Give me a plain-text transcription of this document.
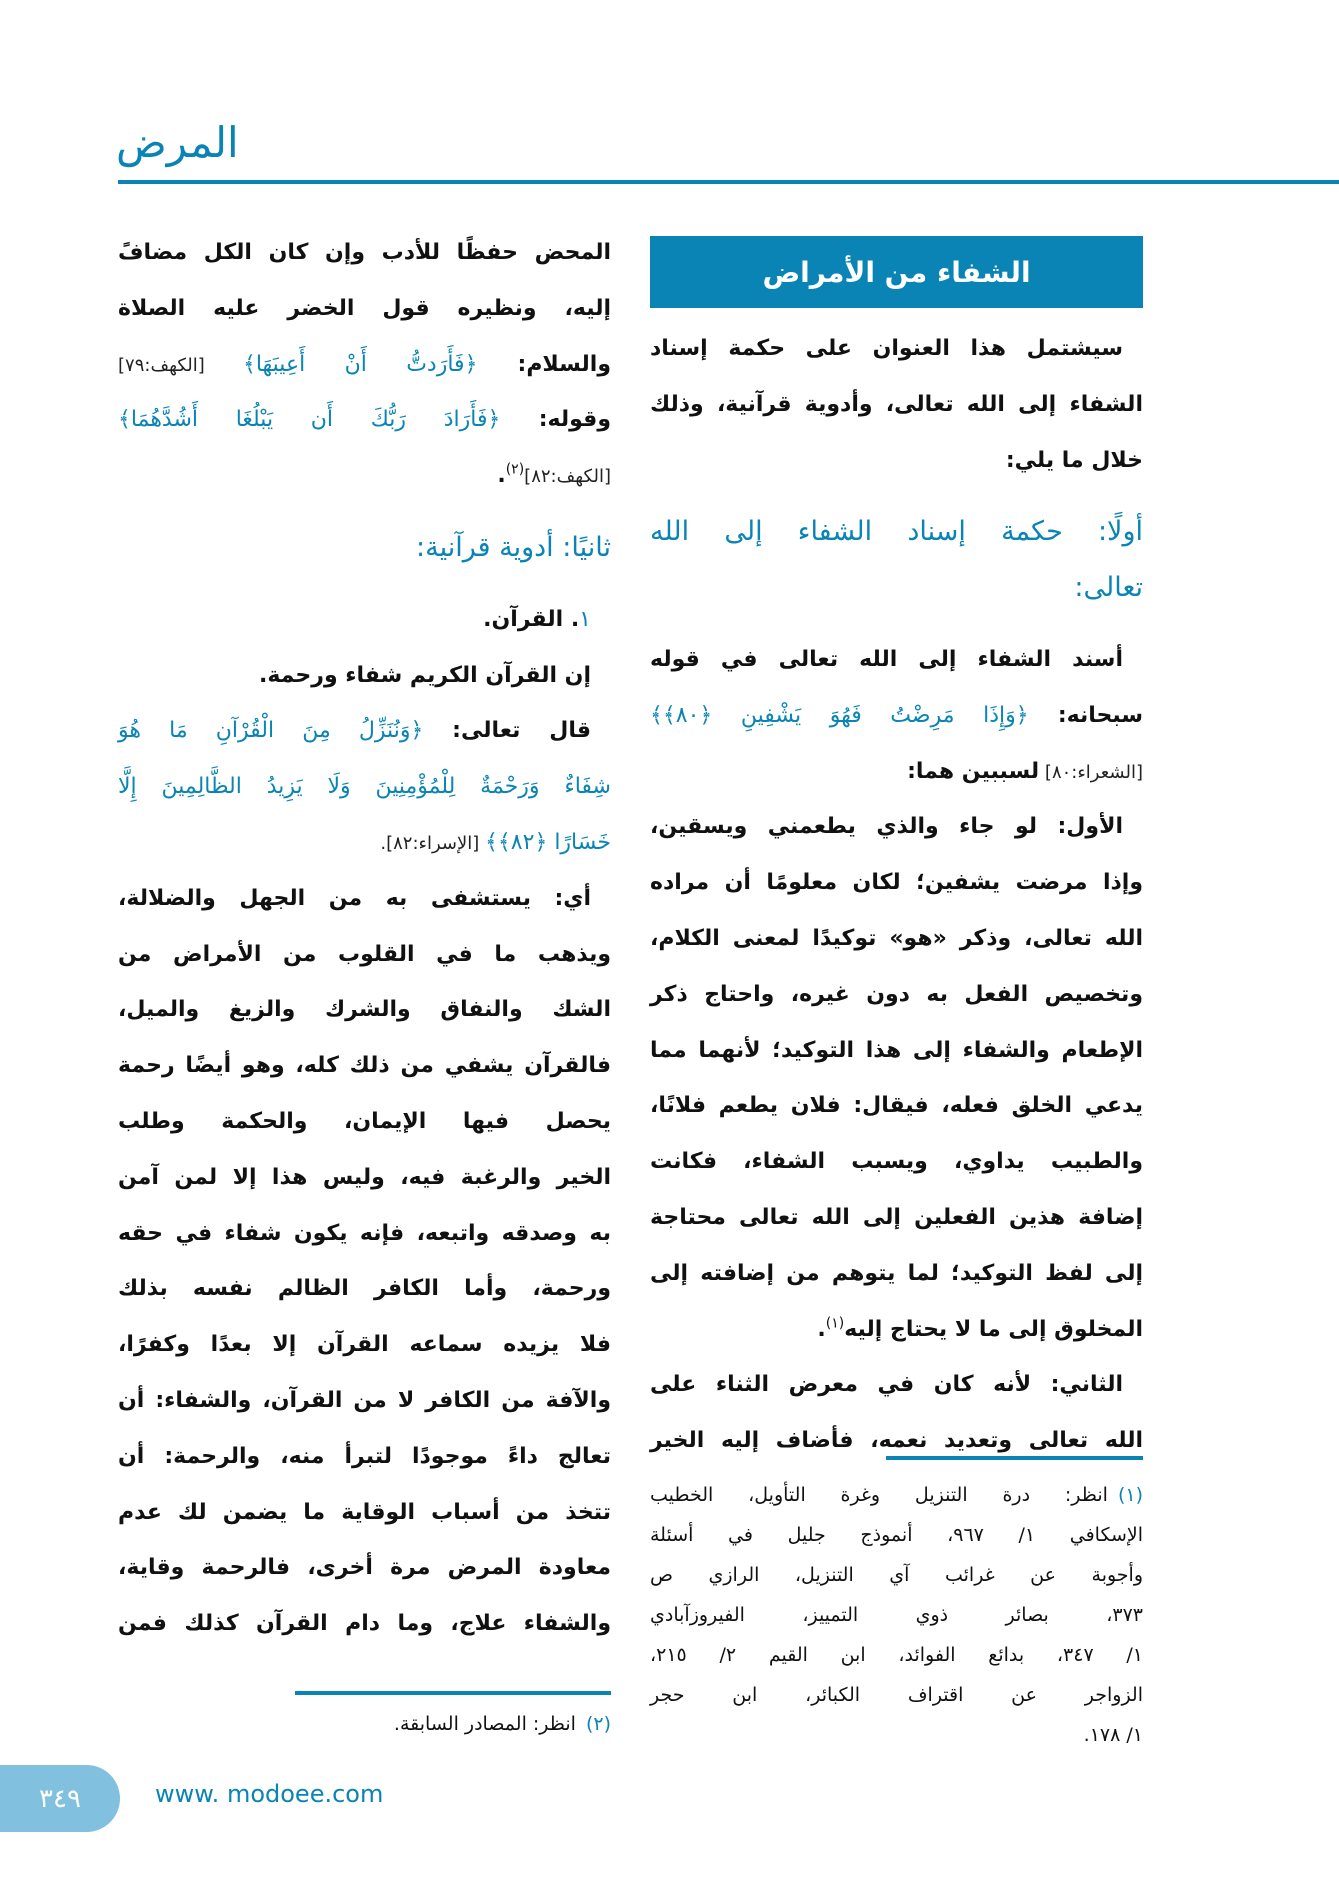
المرض
الشفاء من الأمراض
سيشتمل هذا العنوان على حكمة إسناد
الشفاء إلى الله تعالى، وأدوية قرآنية، وذلك
خلال ما يلي:
أولًا: حكمة إسناد الشفاء إلى الله
تعالى:
أسند الشفاء إلى الله تعالى في قوله
سبحانه: ﴿وَإِذَا مَرِضْتُ فَهُوَ يَشْفِينِ ﴿٨٠﴾﴾
[الشعراء:٨٠] لسببين هما:
الأول: لو جاء والذي يطعمني ويسقين،
وإذا مرضت يشفين؛ لكان معلومًا أن مراده
الله تعالى، وذكر «هو» توكيدًا لمعنى الكلام،
وتخصيص الفعل به دون غيره، واحتاج ذكر
الإطعام والشفاء إلى هذا التوكيد؛ لأنهما مما
يدعي الخلق فعله، فيقال: فلان يطعم فلانًا،
والطبيب يداوي، ويسبب الشفاء، فكانت
إضافة هذين الفعلين إلى الله تعالى محتاجة
إلى لفظ التوكيد؛ لما يتوهم من إضافته إلى
المخلوق إلى ما لا يحتاج إليه$^{(١)}$.
الثاني: لأنه كان في معرض الثناء على
الله تعالى وتعديد نعمه، فأضاف إليه الخير
المحض حفظًا للأدب وإن كان الكل مضافً
إليه، ونظيره قول الخضر عليه الصلاة
والسلام: ﴿فَأَرَدتُّ أَنْ أَعِيبَهَا﴾ [الكهف:٧٩]
وقوله: ﴿فَأَرَادَ رَبُّكَ أَن يَبْلُغَا أَشُدَّهُمَا﴾
[الكهف:٨٢]$^{(٢)}$.
ثانيًا: أدوية قرآنية:
١. القرآن.
إن القرآن الكريم شفاء ورحمة.
قال تعالى: ﴿وَنُنَزِّلُ مِنَ الْقُرْآنِ مَا هُوَ
شِفَاءٌ وَرَحْمَةٌ لِلْمُؤْمِنِينَ وَلَا يَزِيدُ الظَّالِمِينَ إِلَّا
خَسَارًا ﴿٨٢﴾﴾ [الإسراء:٨٢].
أي: يستشفى به من الجهل والضلالة،
ويذهب ما في القلوب من الأمراض من
الشك والنفاق والشرك والزيغ والميل،
فالقرآن يشفي من ذلك كله، وهو أيضًا رحمة
يحصل فيها الإيمان، والحكمة وطلب
الخير والرغبة فيه، وليس هذا إلا لمن آمن
به وصدقه واتبعه، فإنه يكون شفاء في حقه
ورحمة، وأما الكافر الظالم نفسه بذلك
فلا يزيده سماعه القرآن إلا بعدًا وكفرًا،
والآفة من الكافر لا من القرآن، والشفاء: أن
تعالج داءً موجودًا لتبرأ منه، والرحمة: أن
تتخذ من أسباب الوقاية ما يضمن لك عدم
معاودة المرض مرة أخرى، فالرحمة وقاية،
والشفاء علاج، وما دام القرآن كذلك فمن
(١)انظر: درة التنزيل وغرة التأويل، الخطيب
الإسكافي ١/ ٩٦٧، أنموذج جليل في أسئلة
وأجوبة عن غرائب آي التنزيل، الرازي ص
٣٧٣، بصائر ذوي التمييز، الفيروزآبادي
١/ ٣٤٧، بدائع الفوائد، ابن القيم ٢/ ٢١٥،
الزواجر عن اقتراف الكبائر، ابن حجر
١/ ١٧٨.
(٢)انظر: المصادر السابقة.
٣٤٩	www. modoee.com
